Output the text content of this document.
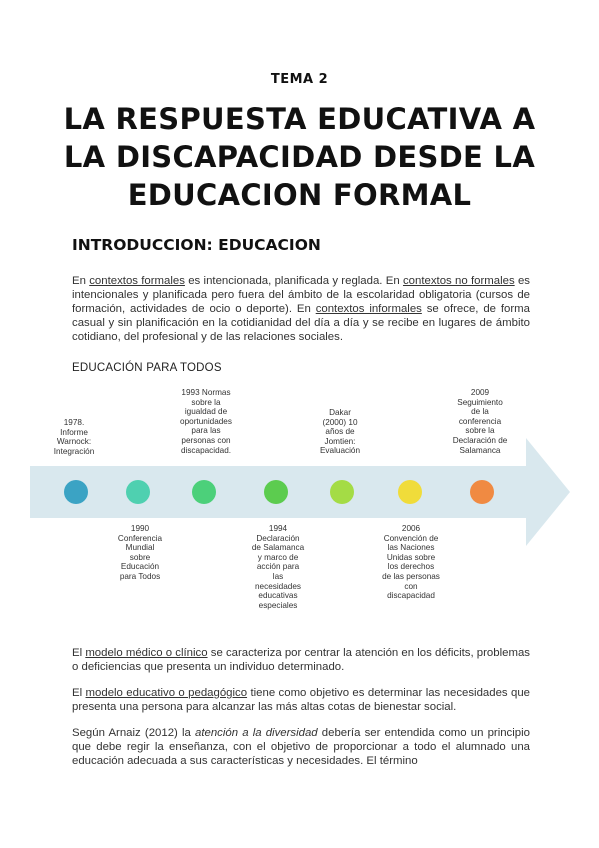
TEMA 2
LA RESPUESTA EDUCATIVA A
LA DISCAPACIDAD DESDE LA
EDUCACION FORMAL
INTRODUCCION: EDUCACION
En contextos formales es intencionada, planificada y reglada. En contextos no formales es intencionales y planificada pero fuera del ámbito de la escolaridad obligatoria (cursos de formación, actividades de ocio o deporte). En contextos informales se ofrece, de forma casual y sin planificación en la cotidianidad del día a día y se recibe en lugares de ámbito cotidiano, del profesional y de las relaciones sociales.
EDUCACIÓN PARA TODOS
1978.
Informe
Warnock:
Integración
1993 Normas
sobre la
igualdad de
oportunidades
para las
personas con
discapacidad.
Dakar
(2000) 10
años de
Jomtien:
Evaluación
2009
Seguimiento
de la
conferencia
sobre la
Declaración de
Salamanca
1990
Conferencia
Mundial
sobre
Educación
para Todos
1994
Declaración
de Salamanca
y marco de
acción para
las
necesidades
educativas
especiales
2006
Convención de
las Naciones
Unidas sobre
los derechos
de las personas
con
discapacidad
El modelo médico o clínico se caracteriza por centrar la atención en los déficits, problemas o deficiencias que presenta un individuo determinado.
El modelo educativo o pedagógico tiene como objetivo es determinar las necesidades que presenta una persona para alcanzar las más altas cotas de bienestar social.
Según Arnaiz (2012) la atención a la diversidad debería ser entendida como un principio que debe regir la enseñanza, con el objetivo de proporcionar a todo el alumnado una educación adecuada a sus características y necesidades. El término
